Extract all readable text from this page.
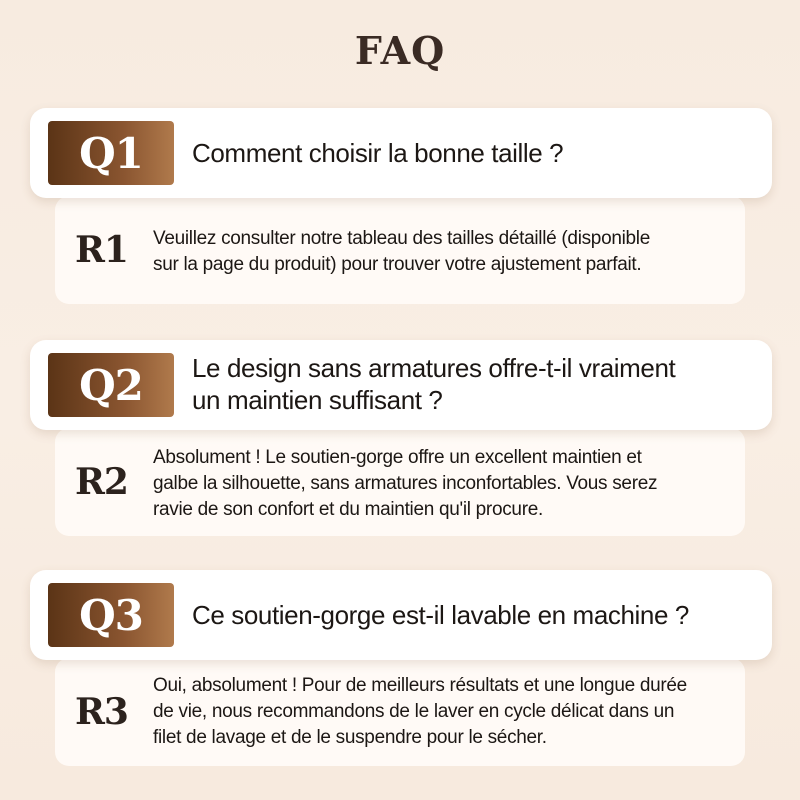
FAQ
Q1	Comment choisir la bonne taille ?
R1	Veuillez consulter notre tableau des tailles détaillé (disponible
sur la page du produit) pour trouver votre ajustement parfait.
Q2	Le design sans armatures offre-t-il vraiment
un maintien suffisant ?
R2
Absolument ! Le soutien-gorge offre un excellent maintien et
galbe la silhouette, sans armatures inconfortables. Vous serez
ravie de son confort et du maintien qu'il procure.
Q3	Ce soutien-gorge est-il lavable en machine ?
R3
Oui, absolument ! Pour de meilleurs résultats et une longue durée
de vie, nous recommandons de le laver en cycle délicat dans un
filet de lavage et de le suspendre pour le sécher.
